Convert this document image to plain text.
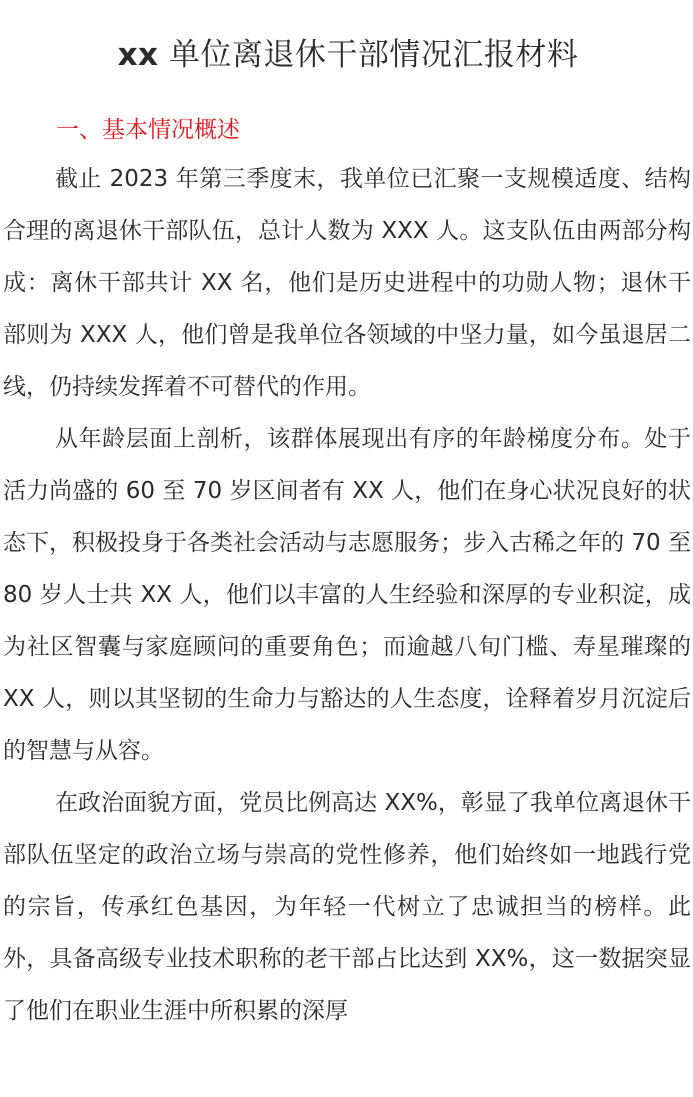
xx 单位离退休干部情况汇报材料
一、基本情况概述

截止 2023 年第三季度末，我单位已汇聚一支规模适度、结构合理的离退休干部队伍，总计人数为 XXX 人。这支队伍由两部分构成：离休干部共计 XX 名，他们是历史进程中的功勋人物；退休干部则为 XXX 人，他们曾是我单位各领域的中坚力量，如今虽退居二线，仍持续发挥着不可替代的作用。

从年龄层面上剖析，该群体展现出有序的年龄梯度分布。处于活力尚盛的 60 至 70 岁区间者有 XX 人，他们在身心状况良好的状态下，积极投身于各类社会活动与志愿服务；步入古稀之年的 70 至 80 岁人士共 XX 人，他们以丰富的人生经验和深厚的专业积淀，成为社区智囊与家庭顾问的重要角色；而逾越八旬门槛、寿星璀璨的 XX 人，则以其坚韧的生命力与豁达的人生态度，诠释着岁月沉淀后的智慧与从容。

在政治面貌方面，党员比例高达 XX%，彰显了我单位离退休干部队伍坚定的政治立场与崇高的党性修养，他们始终如一地践行党的宗旨，传承红色基因，为年轻一代树立了忠诚担当的榜样。此外，具备高级专业技术职称的老干部占比达到 XX%，这一数据突显了他们在职业生涯中所积累的深厚
